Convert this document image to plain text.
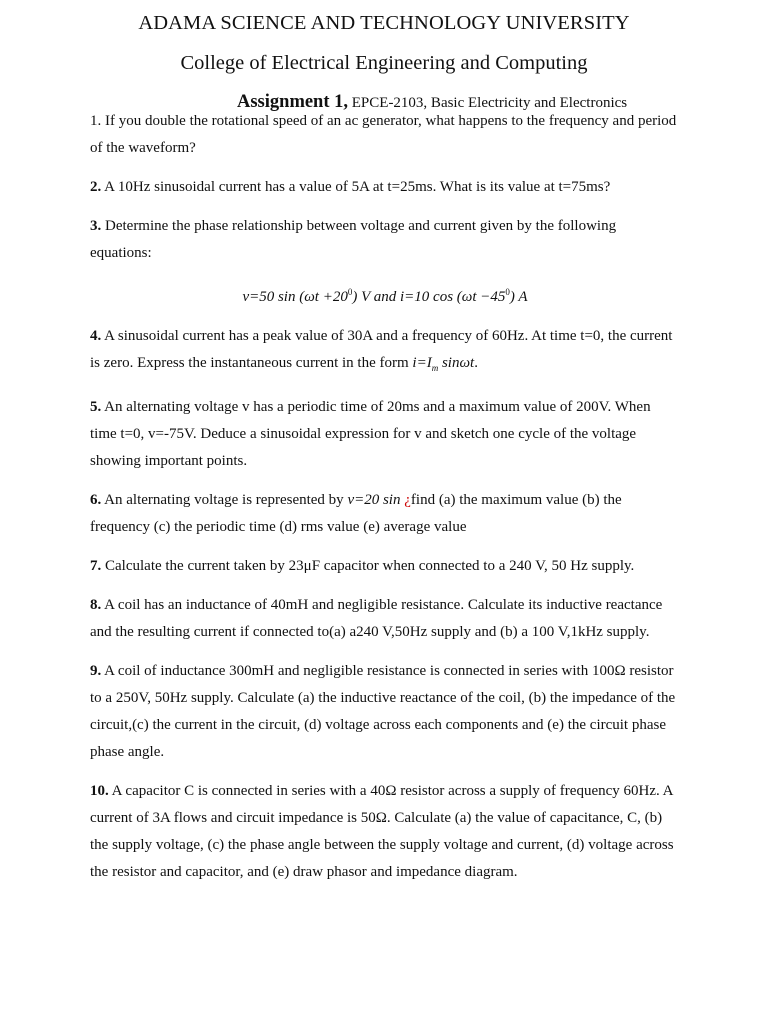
ADAMA SCIENCE AND TECHNOLOGY UNIVERSITY
College of Electrical Engineering and Computing
Assignment 1, EPCE-2103, Basic Electricity and Electronics

1. If you double the rotational speed of an ac generator, what happens to the frequency and period of the waveform?

2. A 10Hz sinusoidal current has a value of 5A at t=25ms. What is its value at t=75ms?

3. Determine the phase relationship between voltage and current given by the following equations:

v=50 $\sin (\omega t +20^0)$ V and i=10 $\cos (\omega t -45^0)$ A

4. A sinusoidal current has a peak value of 30A and a frequency of 60Hz. At time t=0, the current is zero. Express the instantaneous current in the form $i=I_m$ sinωt.

5. An alternating voltage v has a periodic time of 20ms and a maximum value of 200V. When time t=0, v=-75V. Deduce a sinusoidal expression for v and sketch one cycle of the voltage showing important points.

6. An alternating voltage is represented by v=20 sin ¿find (a) the maximum value (b) the frequency (c) the periodic time (d) rms value (e) average value

7. Calculate the current taken by 23μF capacitor when connected to a 240 V, 50 Hz supply.

8. A coil has an inductance of 40mH and negligible resistance. Calculate its inductive reactance and the resulting current if connected to(a) a240 V,50Hz supply and (b) a 100 V,1kHz supply.

9. A coil of inductance 300mH and negligible resistance is connected in series with 100Ω resistor to a 250V, 50Hz supply. Calculate (a) the inductive reactance of the coil, (b) the impedance of the circuit,(c) the current in the circuit, (d) voltage across each components and (e) the circuit phase phase angle.

10. A capacitor C is connected in series with a 40Ω resistor across a supply of frequency 60Hz. A current of 3A flows and circuit impedance is 50Ω. Calculate (a) the value of capacitance, C, (b) the supply voltage, (c) the phase angle between the supply voltage and current, (d) voltage across the resistor and capacitor, and (e) draw phasor and impedance diagram.
